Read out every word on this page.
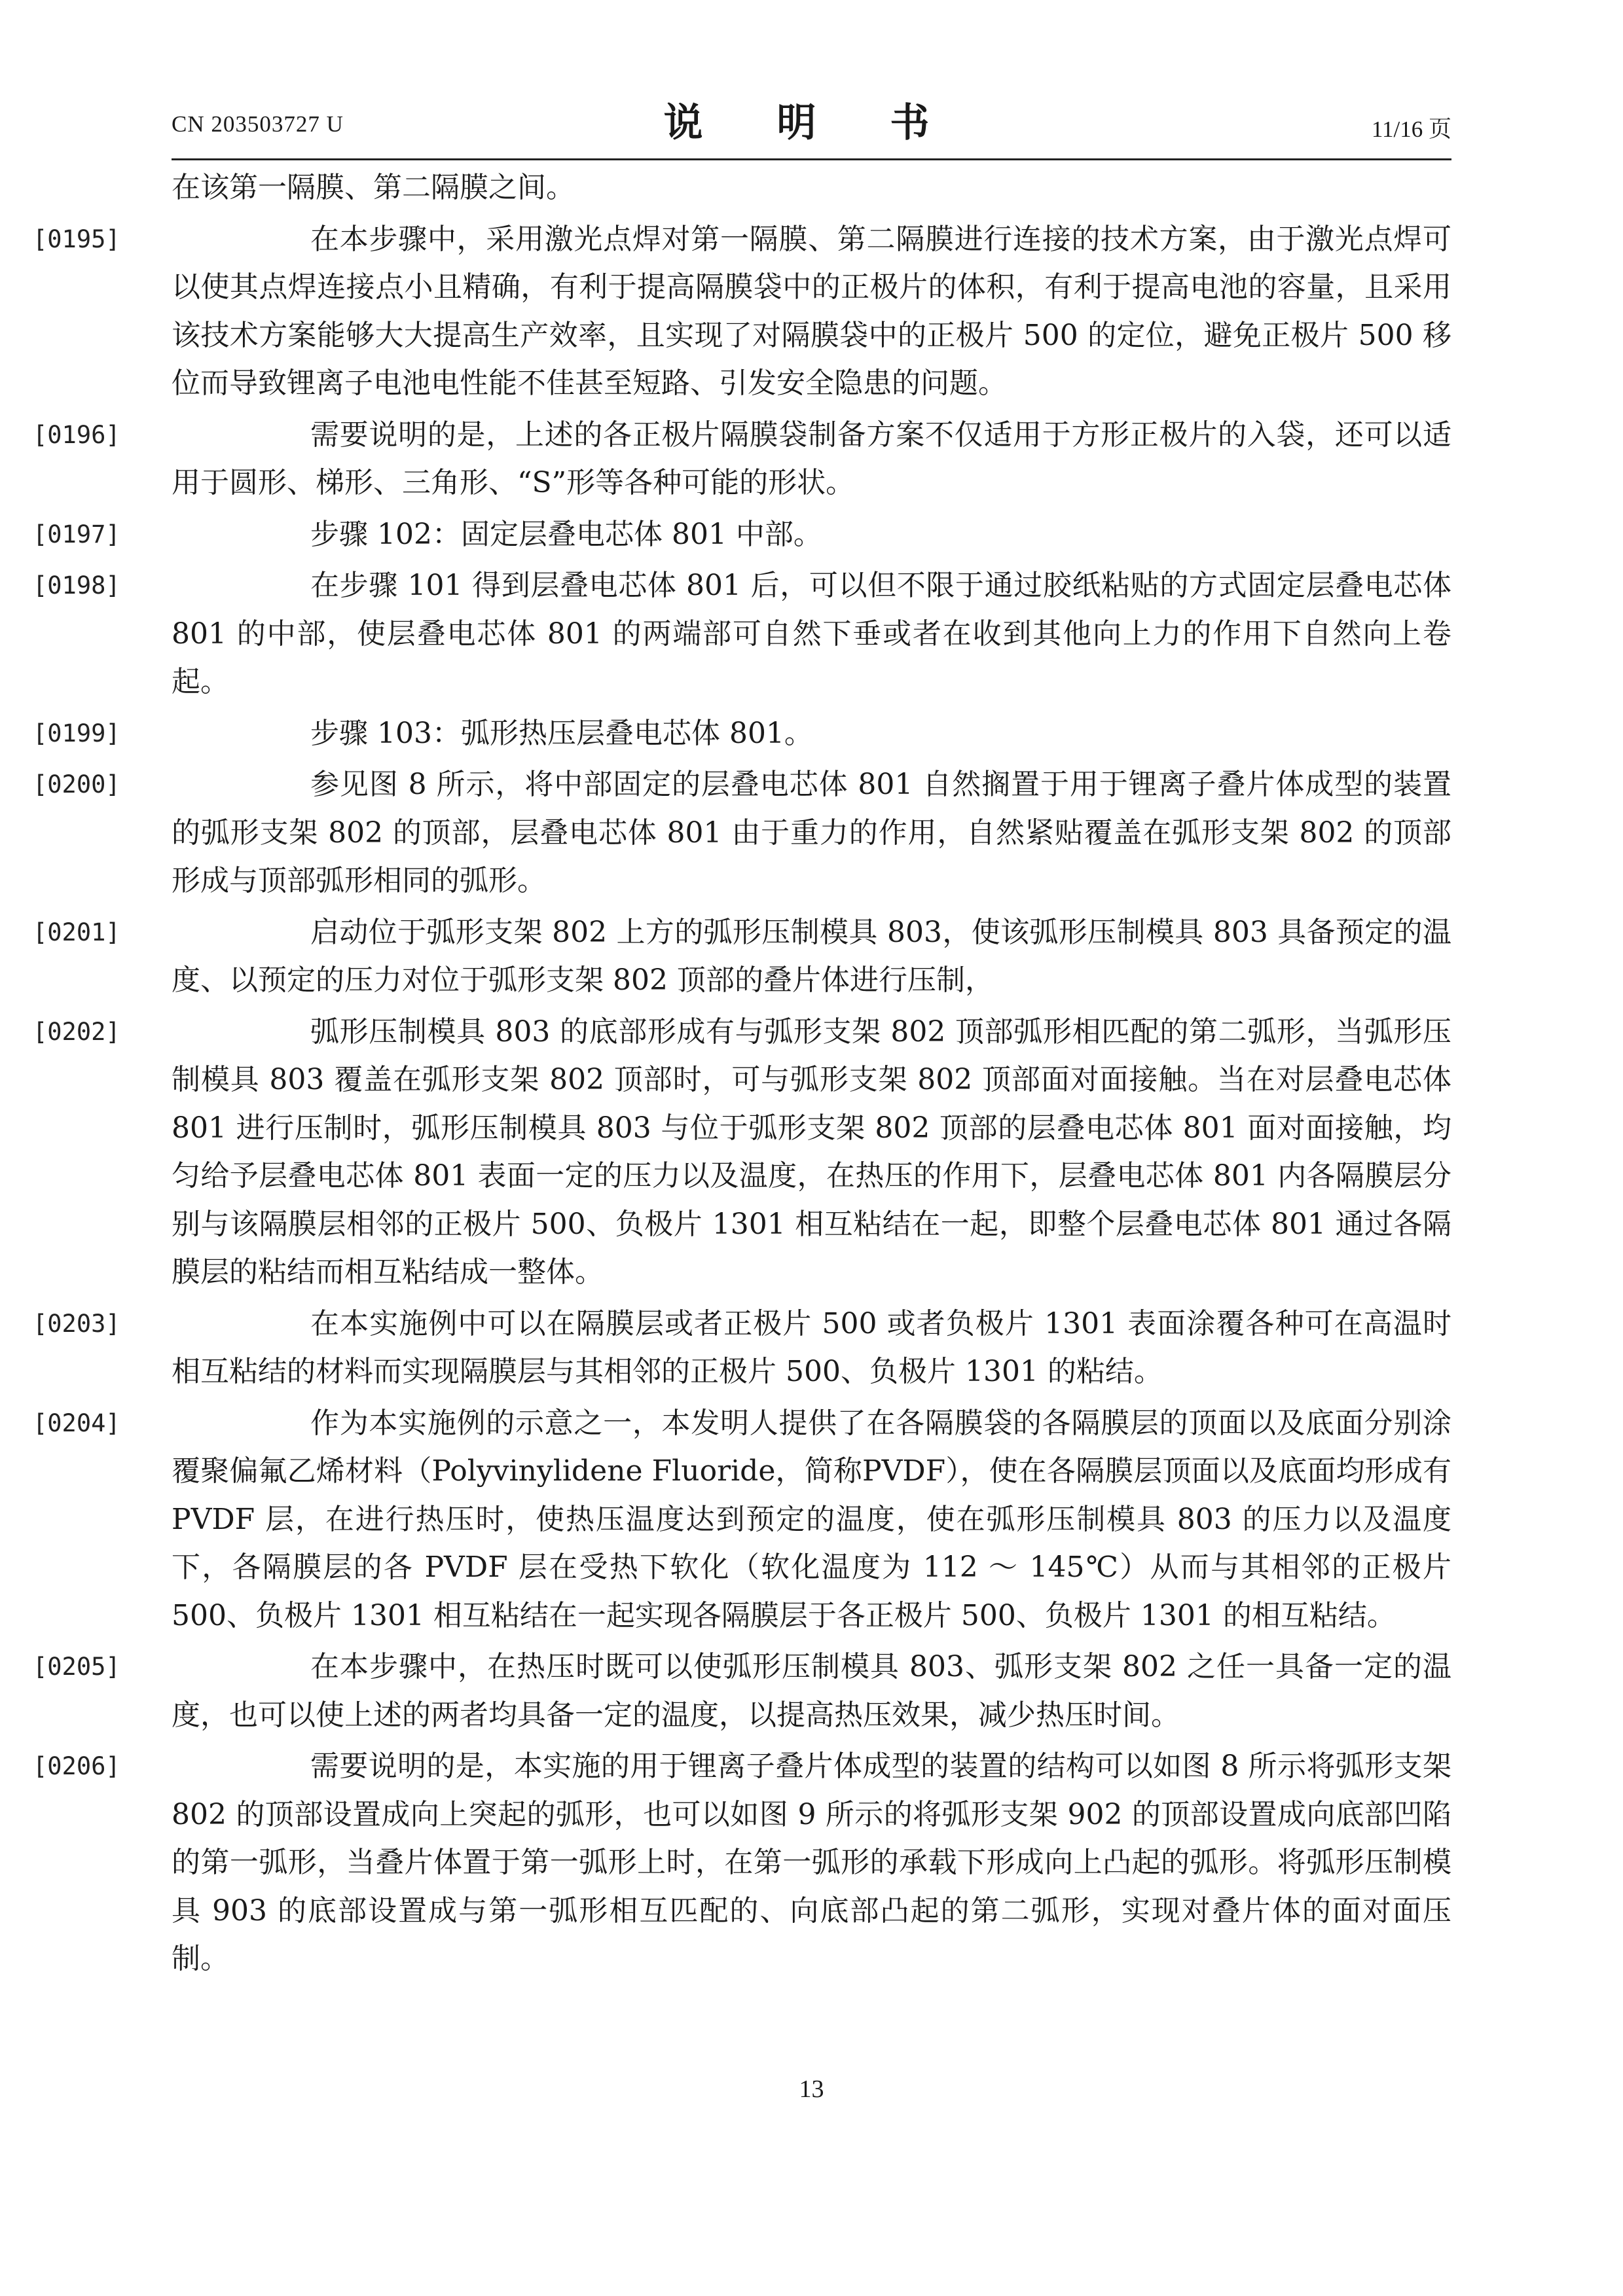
CN 203503727 U	说 明 书	11/16 页

在该第一隔膜、第二隔膜之间。

[0195]	在本步骤中，采用激光点焊对第一隔膜、第二隔膜进行连接的技术方案，由于激光点焊可以使其点焊连接点小且精确，有利于提高隔膜袋中的正极片的体积，有利于提高电池的容量，且采用该技术方案能够大大提高生产效率，且实现了对隔膜袋中的正极片 500 的定位，避免正极片 500 移位而导致锂离子电池电性能不佳甚至短路、引发安全隐患的问题。

[0196]	需要说明的是，上述的各正极片隔膜袋制备方案不仅适用于方形正极片的入袋，还可以适用于圆形、梯形、三角形、“S”形等各种可能的形状。

[0197]	步骤 102：固定层叠电芯体 801 中部。

[0198]	在步骤 101 得到层叠电芯体 801 后，可以但不限于通过胶纸粘贴的方式固定层叠电芯体 801 的中部，使层叠电芯体 801 的两端部可自然下垂或者在收到其他向上力的作用下自然向上卷起。

[0199]	步骤 103：弧形热压层叠电芯体 801。

[0200]	参见图 8 所示，将中部固定的层叠电芯体 801 自然搁置于用于锂离子叠片体成型的装置的弧形支架 802 的顶部，层叠电芯体 801 由于重力的作用，自然紧贴覆盖在弧形支架 802 的顶部形成与顶部弧形相同的弧形。

[0201]	启动位于弧形支架 802 上方的弧形压制模具 803，使该弧形压制模具 803 具备预定的温度、以预定的压力对位于弧形支架 802 顶部的叠片体进行压制，

[0202]	弧形压制模具 803 的底部形成有与弧形支架 802 顶部弧形相匹配的第二弧形，当弧形压制模具 803 覆盖在弧形支架 802 顶部时，可与弧形支架 802 顶部面对面接触。当在对层叠电芯体 801 进行压制时，弧形压制模具 803 与位于弧形支架 802 顶部的层叠电芯体 801 面对面接触，均匀给予层叠电芯体 801 表面一定的压力以及温度，在热压的作用下，层叠电芯体 801 内各隔膜层分别与该隔膜层相邻的正极片 500、负极片 1301 相互粘结在一起，即整个层叠电芯体 801 通过各隔膜层的粘结而相互粘结成一整体。

[0203]	在本实施例中可以在隔膜层或者正极片 500 或者负极片 1301 表面涂覆各种可在高温时相互粘结的材料而实现隔膜层与其相邻的正极片 500、负极片 1301 的粘结。

[0204]	作为本实施例的示意之一，本发明人提供了在各隔膜袋的各隔膜层的顶面以及底面分别涂覆聚偏氟乙烯材料（Polyvinylidene Fluoride，简称PVDF），使在各隔膜层顶面以及底面均形成有 PVDF 层，在进行热压时，使热压温度达到预定的温度，使在弧形压制模具 803 的压力以及温度下，各隔膜层的各 PVDF 层在受热下软化（软化温度为 112 ～ 145℃）从而与其相邻的正极片 500、负极片 1301 相互粘结在一起实现各隔膜层于各正极片 500、负极片 1301 的相互粘结。

[0205]	在本步骤中，在热压时既可以使弧形压制模具 803、弧形支架 802 之任一具备一定的温度，也可以使上述的两者均具备一定的温度，以提高热压效果，减少热压时间。

[0206]	需要说明的是，本实施的用于锂离子叠片体成型的装置的结构可以如图 8 所示将弧形支架 802 的顶部设置成向上突起的弧形，也可以如图 9 所示的将弧形支架 902 的顶部设置成向底部凹陷的第一弧形，当叠片体置于第一弧形上时，在第一弧形的承载下形成向上凸起的弧形。将弧形压制模具 903 的底部设置成与第一弧形相互匹配的、向底部凸起的第二弧形，实现对叠片体的面对面压制。

13
